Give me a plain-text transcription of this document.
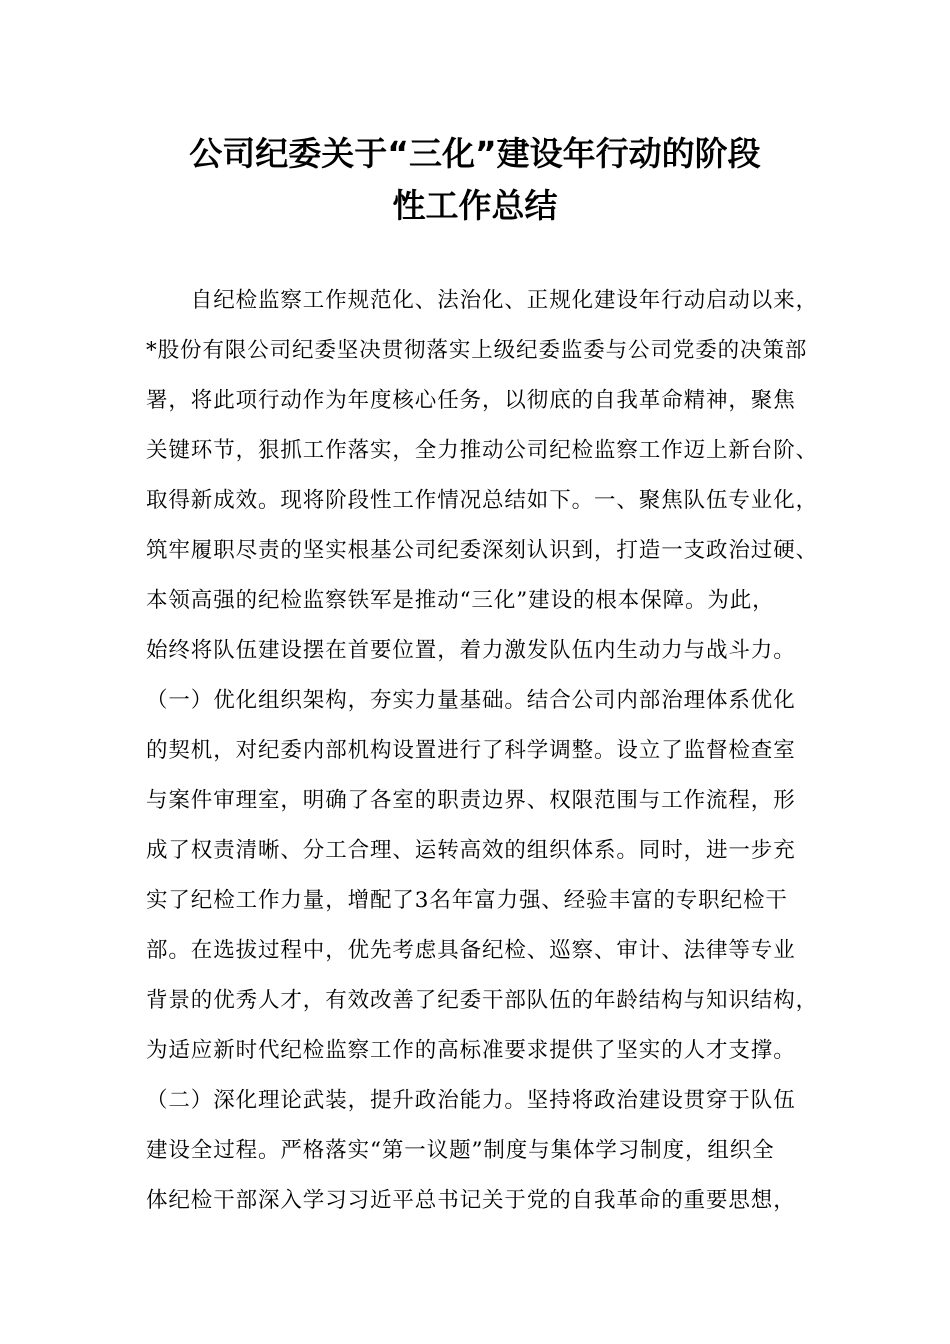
公司纪委关于“三化”建设年行动的阶段
性工作总结
　　自纪检监察工作规范化、法治化、正规化建设年行动启动以来，
*股份有限公司纪委坚决贯彻落实上级纪委监委与公司党委的决策部
署，将此项行动作为年度核心任务，以彻底的自我革命精神，聚焦
关键环节，狠抓工作落实，全力推动公司纪检监察工作迈上新台阶、
取得新成效。现将阶段性工作情况总结如下。一、聚焦队伍专业化，
筑牢履职尽责的坚实根基公司纪委深刻认识到，打造一支政治过硬、
本领高强的纪检监察铁军是推动“三化”建设的根本保障。为此，
始终将队伍建设摆在首要位置，着力激发队伍内生动力与战斗力。
（一）优化组织架构，夯实力量基础。结合公司内部治理体系优化
的契机，对纪委内部机构设置进行了科学调整。设立了监督检查室
与案件审理室，明确了各室的职责边界、权限范围与工作流程，形
成了权责清晰、分工合理、运转高效的组织体系。同时，进一步充
实了纪检工作力量，增配了3名年富力强、经验丰富的专职纪检干
部。在选拔过程中，优先考虑具备纪检、巡察、审计、法律等专业
背景的优秀人才，有效改善了纪委干部队伍的年龄结构与知识结构，
为适应新时代纪检监察工作的高标准要求提供了坚实的人才支撑。
（二）深化理论武装，提升政治能力。坚持将政治建设贯穿于队伍
建设全过程。严格落实“第一议题”制度与集体学习制度，组织全
体纪检干部深入学习习近平总书记关于党的自我革命的重要思想，
